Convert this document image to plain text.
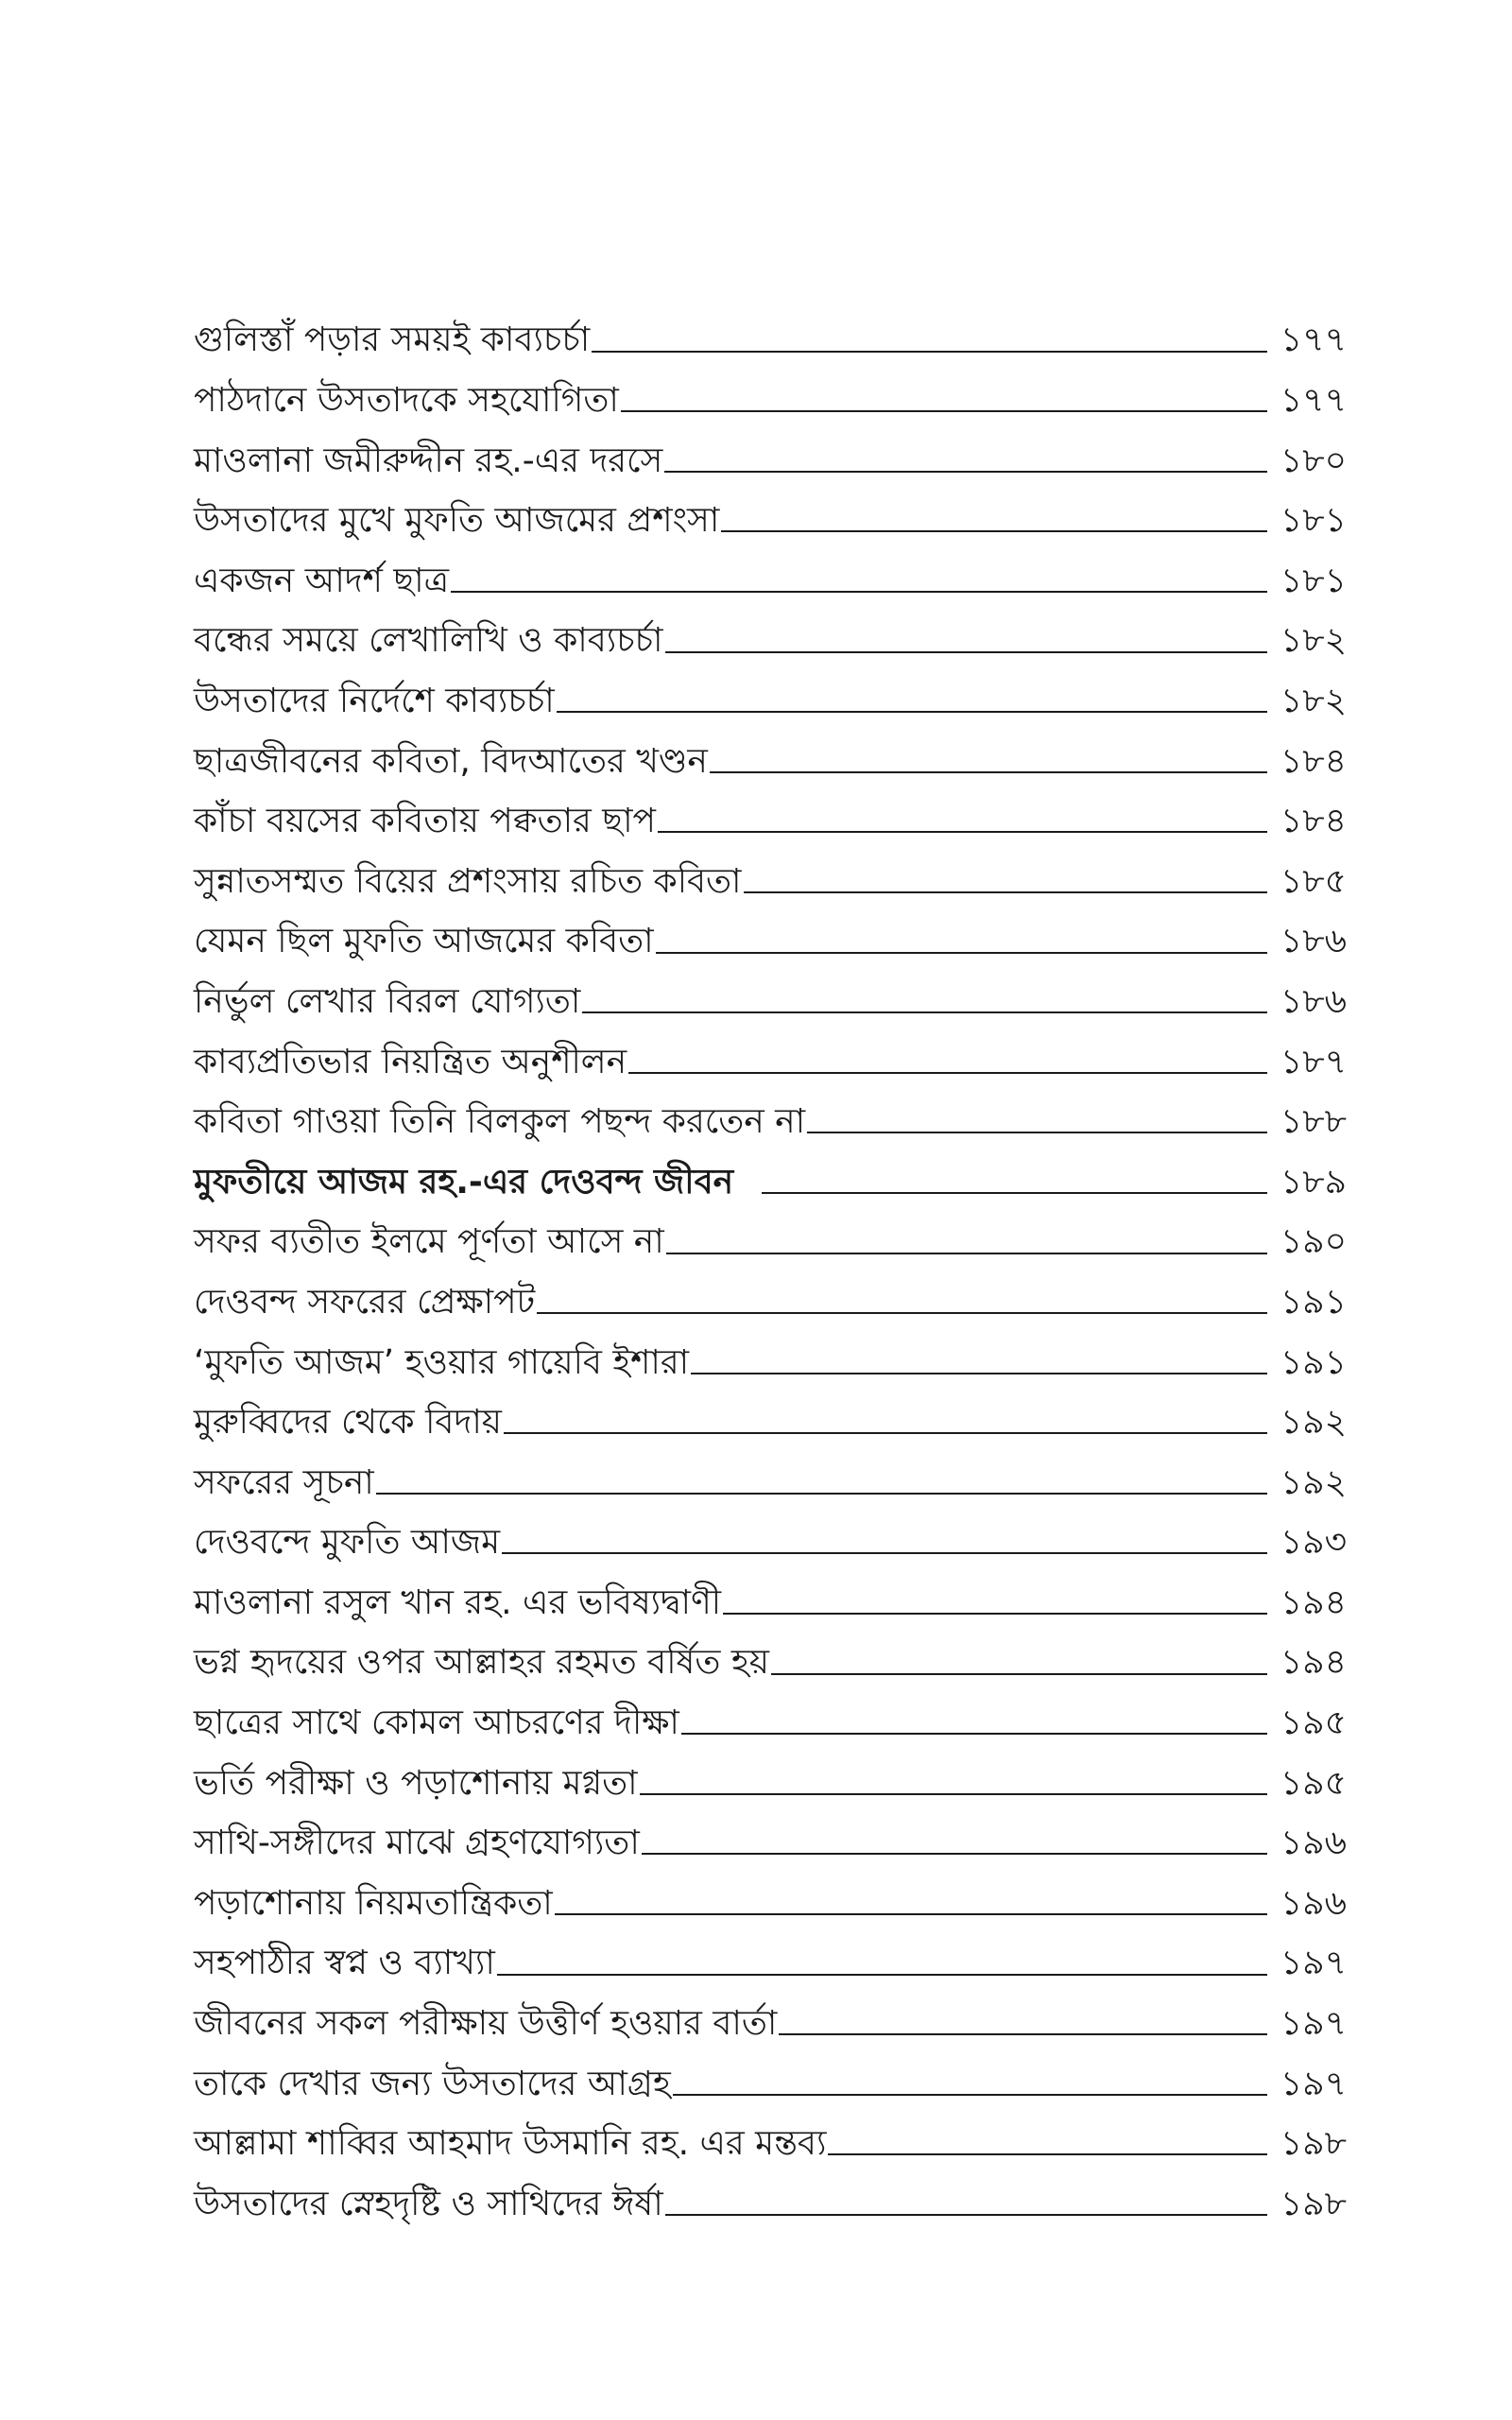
গুলিস্তাঁ পড়ার সময়ই কাব্যচর্চা	১৭৭
পাঠদানে উসতাদকে সহযোগিতা	১৭৭
মাওলানা জমীরুদ্দীন রহ.-এর দরসে	১৮০
উসতাদের মুখে মুফতি আজমের প্রশংসা	১৮১
একজন আদর্শ ছাত্র	১৮১
বন্ধের সময়ে লেখালিখি ও কাব্যচর্চা	১৮২
উসতাদের নির্দেশে কাব্যচর্চা	১৮২
ছাত্রজীবনের কবিতা, বিদআতের খণ্ডন	১৮৪
কাঁচা বয়সের কবিতায় পক্বতার ছাপ	১৮৪
সুন্নাতসম্মত বিয়ের প্রশংসায় রচিত কবিতা	১৮৫
যেমন ছিল মুফতি আজমের কবিতা	১৮৬
নির্ভুল লেখার বিরল যোগ্যতা	১৮৬
কাব্যপ্রতিভার নিয়ন্ত্রিত অনুশীলন	১৮৭
কবিতা গাওয়া তিনি বিলকুল পছন্দ করতেন না	১৮৮
মুফতীয়ে আজম রহ.-এর দেওবন্দ জীবন	১৮৯
সফর ব্যতীত ইলমে পূর্ণতা আসে না	১৯০
দেওবন্দ সফরের প্রেক্ষাপট	১৯১
‘মুফতি আজম’ হওয়ার গায়েবি ইশারা	১৯১
মুরুব্বিদের থেকে বিদায়	১৯২
সফরের সূচনা	১৯২
দেওবন্দে মুফতি আজম	১৯৩
মাওলানা রসুল খান রহ. এর ভবিষ্যদ্বাণী	১৯৪
ভগ্ন হৃদয়ের ওপর আল্লাহর রহমত বর্ষিত হয়	১৯৪
ছাত্রের সাথে কোমল আচরণের দীক্ষা	১৯৫
ভর্তি পরীক্ষা ও পড়াশোনায় মগ্নতা	১৯৫
সাথি-সঙ্গীদের মাঝে গ্রহণযোগ্যতা	১৯৬
পড়াশোনায় নিয়মতান্ত্রিকতা	১৯৬
সহপাঠীর স্বপ্ন ও ব্যাখ্যা	১৯৭
জীবনের সকল পরীক্ষায় উত্তীর্ণ হওয়ার বার্তা	১৯৭
তাকে দেখার জন্য উসতাদের আগ্রহ	১৯৭
আল্লামা শাব্বির আহমাদ উসমানি রহ. এর মন্তব্য	১৯৮
উসতাদের স্নেহদৃষ্টি ও সাথিদের ঈর্ষা	১৯৮
